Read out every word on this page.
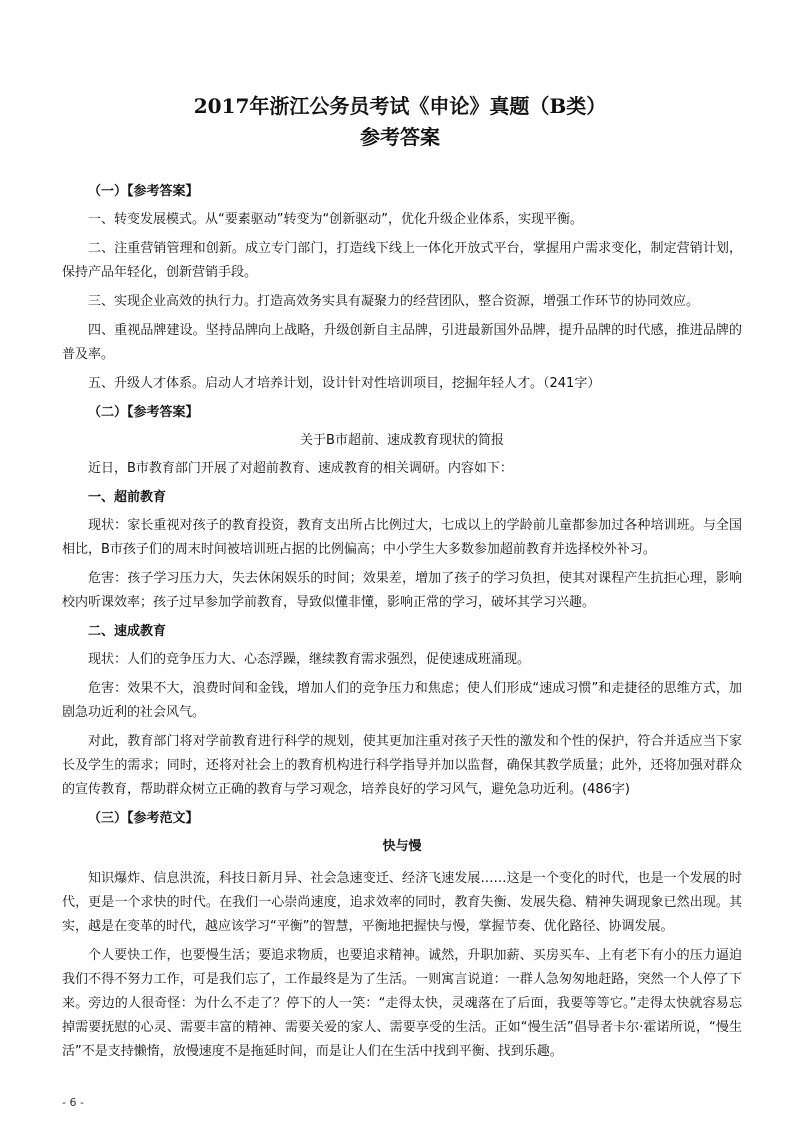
2017年浙江公务员考试《申论》真题（B类）
参考答案
（一）【参考答案】

一、转变发展模式。从“要素驱动”转变为“创新驱动”，优化升级企业体系，实现平衡。

二、注重营销管理和创新。成立专门部门，打造线下线上一体化开放式平台，掌握用户需求变化，制定营销计划，保持产品年轻化，创新营销手段。

三、实现企业高效的执行力。打造高效务实具有凝聚力的经营团队，整合资源，增强工作环节的协同效应。

四、重视品牌建设。坚持品牌向上战略，升级创新自主品牌，引进最新国外品牌，提升品牌的时代感，推进品牌的普及率。

五、升级人才体系。启动人才培养计划，设计针对性培训项目，挖掘年轻人才。（241字）

（二）【参考答案】
关于B市超前、速成教育现状的简报

近日，B市教育部门开展了对超前教育、速成教育的相关调研。内容如下：

一、超前教育

现状：家长重视对孩子的教育投资，教育支出所占比例过大，七成以上的学龄前儿童都参加过各种培训班。与全国相比，B市孩子们的周末时间被培训班占据的比例偏高；中小学生大多数参加超前教育并选择校外补习。

危害：孩子学习压力大，失去休闲娱乐的时间；效果差，增加了孩子的学习负担，使其对课程产生抗拒心理，影响校内听课效率；孩子过早参加学前教育，导致似懂非懂，影响正常的学习，破坏其学习兴趣。

二、速成教育

现状：人们的竞争压力大、心态浮躁，继续教育需求强烈，促使速成班涌现。

危害：效果不大，浪费时间和金钱，增加人们的竞争压力和焦虑；使人们形成“速成习惯”和走捷径的思维方式，加剧急功近利的社会风气。

对此，教育部门将对学前教育进行科学的规划，使其更加注重对孩子天性的激发和个性的保护，符合并适应当下家长及学生的需求；同时，还将对社会上的教育机构进行科学指导并加以监督，确保其教学质量；此外，还将加强对群众的宣传教育，帮助群众树立正确的教育与学习观念，培养良好的学习风气，避免急功近利。(486字)

（三）【参考范文】
快与慢

知识爆炸、信息洪流，科技日新月异、社会急速变迁、经济飞速发展……这是一个变化的时代，也是一个发展的时代，更是一个求快的时代。在我们一心崇尚速度，追求效率的同时，教育失衡、发展失稳、精神失调现象已然出现。其实，越是在变革的时代，越应该学习“平衡”的智慧，平衡地把握快与慢，掌握节奏、优化路径、协调发展。

个人要快工作，也要慢生活；要追求物质，也要追求精神。诚然，升职加薪、买房买车、上有老下有小的压力逼迫我们不得不努力工作，可是我们忘了，工作最终是为了生活。一则寓言说道：一群人急匆匆地赶路，突然一个人停了下来。旁边的人很奇怪：为什么不走了？停下的人一笑：“走得太快，灵魂落在了后面，我要等等它。”走得太快就容易忘掉需要抚慰的心灵、需要丰富的精神、需要关爱的家人、需要享受的生活。正如“慢生活”倡导者卡尔·霍诺所说，“慢生活”不是支持懒惰，放慢速度不是拖延时间，而是让人们在生活中找到平衡、找到乐趣。

- 6 -
